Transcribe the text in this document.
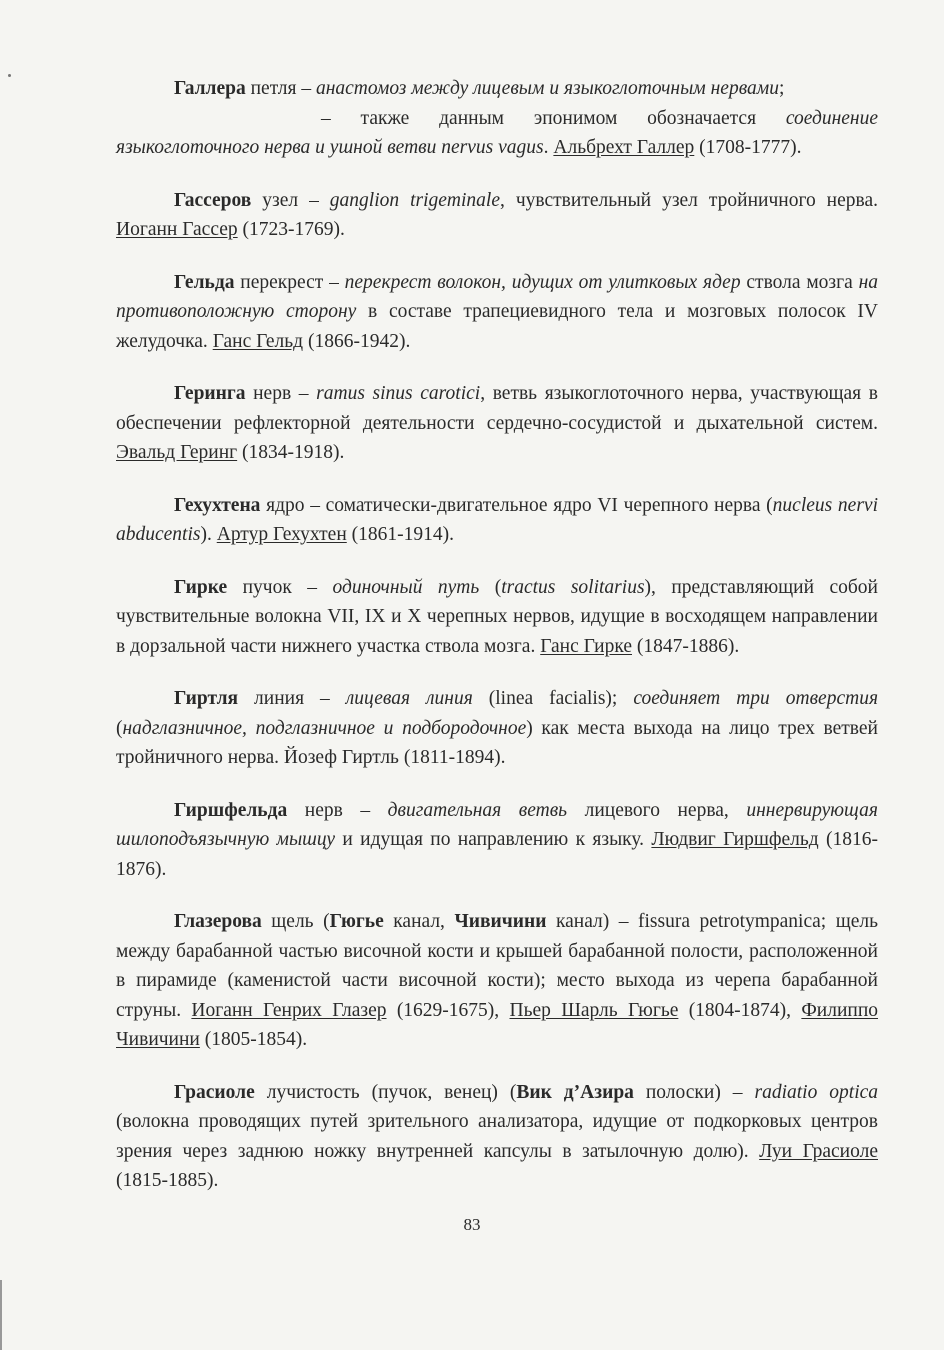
Галлера петля – анастомоз между лицевым и языкоглоточным нервами;
– также данным эпонимом обозначается соединение языкоглоточного нерва и ушной ветви nervus vagus. Альбрехт Галлер (1708-1777).

Гассеров узел – ganglion trigeminale, чувствительный узел тройничного нерва. Иоганн Гассер (1723-1769).

Гельда перекрест – перекрест волокон, идущих от улитковых ядер ствола мозга на противоположную сторону в составе трапециевидного тела и мозговых полосок IV желудочка. Ганс Гельд (1866-1942).

Геринга нерв – ramus sinus carotici, ветвь языкоглоточного нерва, участвующая в обеспечении рефлекторной деятельности сердечно-сосудистой и дыхательной систем. Эвальд Геринг (1834-1918).

Гехухтена ядро – соматически-двигательное ядро VI черепного нерва (nucleus nervi abducentis). Артур Гехухтен (1861-1914).

Гирке пучок – одиночный путь (tractus solitarius), представляющий собой чувствительные волокна VII, IX и X черепных нервов, идущие в восходящем направлении в дорзальной части нижнего участка ствола мозга. Ганс Гирке (1847-1886).

Гиртля линия – лицевая линия (linea facialis); соединяет три отверстия (надглазничное, подглазничное и подбородочное) как места выхода на лицо трех ветвей тройничного нерва. Йозеф Гиртль (1811-1894).

Гиршфельда нерв – двигательная ветвь лицевого нерва, иннервирующая шилоподъязычную мышцу и идущая по направлению к языку. Людвиг Гиршфельд (1816-1876).

Глазерова щель (Гюгье канал, Чивичини канал) – fissura petrotympanica; щель между барабанной частью височной кости и крышей барабанной полости, расположенной в пирамиде (каменистой части височной кости); место выхода из черепа барабанной струны. Иоганн Генрих Глазер (1629-1675), Пьер Шарль Гюгье (1804-1874), Филиппо Чивичини (1805-1854).

Грасиоле лучистость (пучок, венец) (Вик д’Азира полоски) – radiatio optica (волокна проводящих путей зрительного анализатора, идущие от подкорковых центров зрения через заднюю ножку внутренней капсулы в затылочную долю). Луи Грасиоле (1815-1885).

83
